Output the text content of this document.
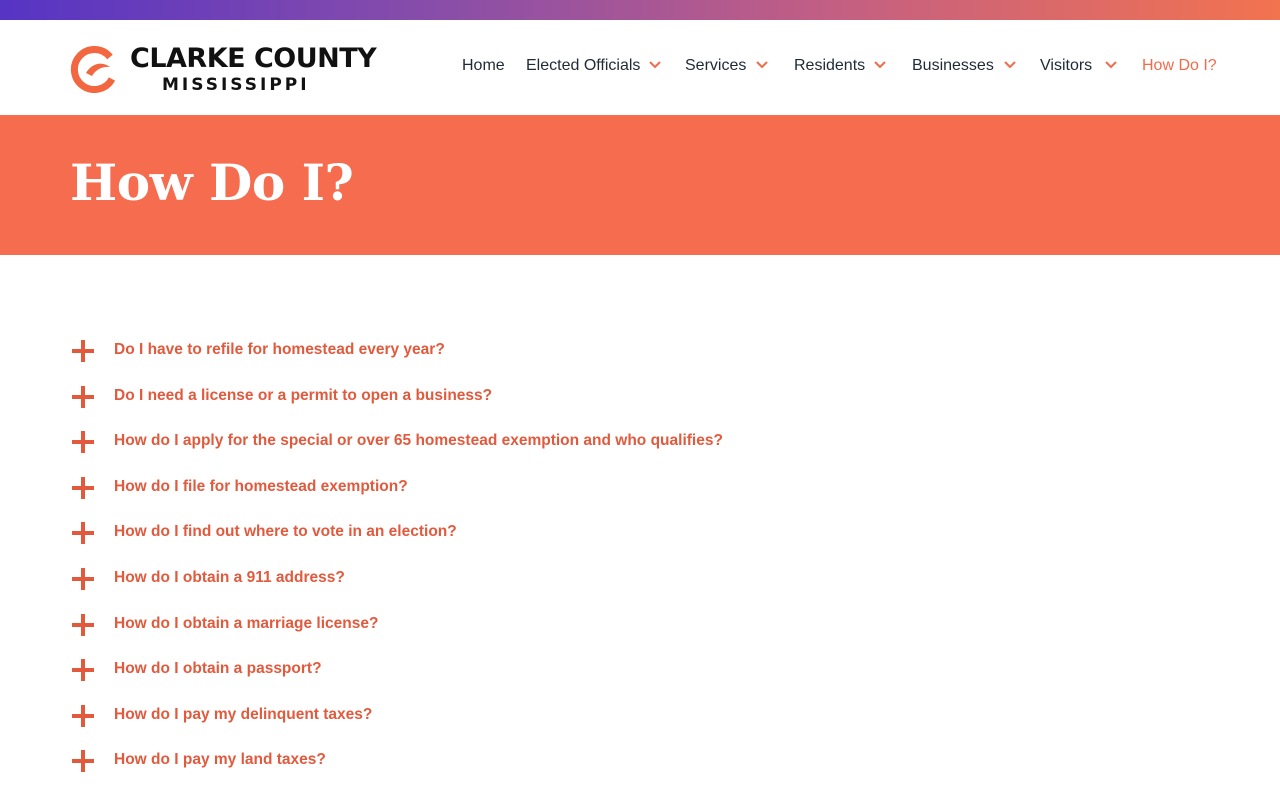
CLARKE COUNTY
MISSISSIPPI
Home Elected Officials	Services	Residents	Businesses	Visitors	How Do I?
How Do I?
Do I have to refile for homestead every year?
Do I need a license or a permit to open a business?
How do I apply for the special or over 65 homestead exemption and who qualifies?
How do I file for homestead exemption?
How do I find out where to vote in an election?
How do I obtain a 911 address?
How do I obtain a marriage license?
How do I obtain a passport?
How do I pay my delinquent taxes?
How do I pay my land taxes?
